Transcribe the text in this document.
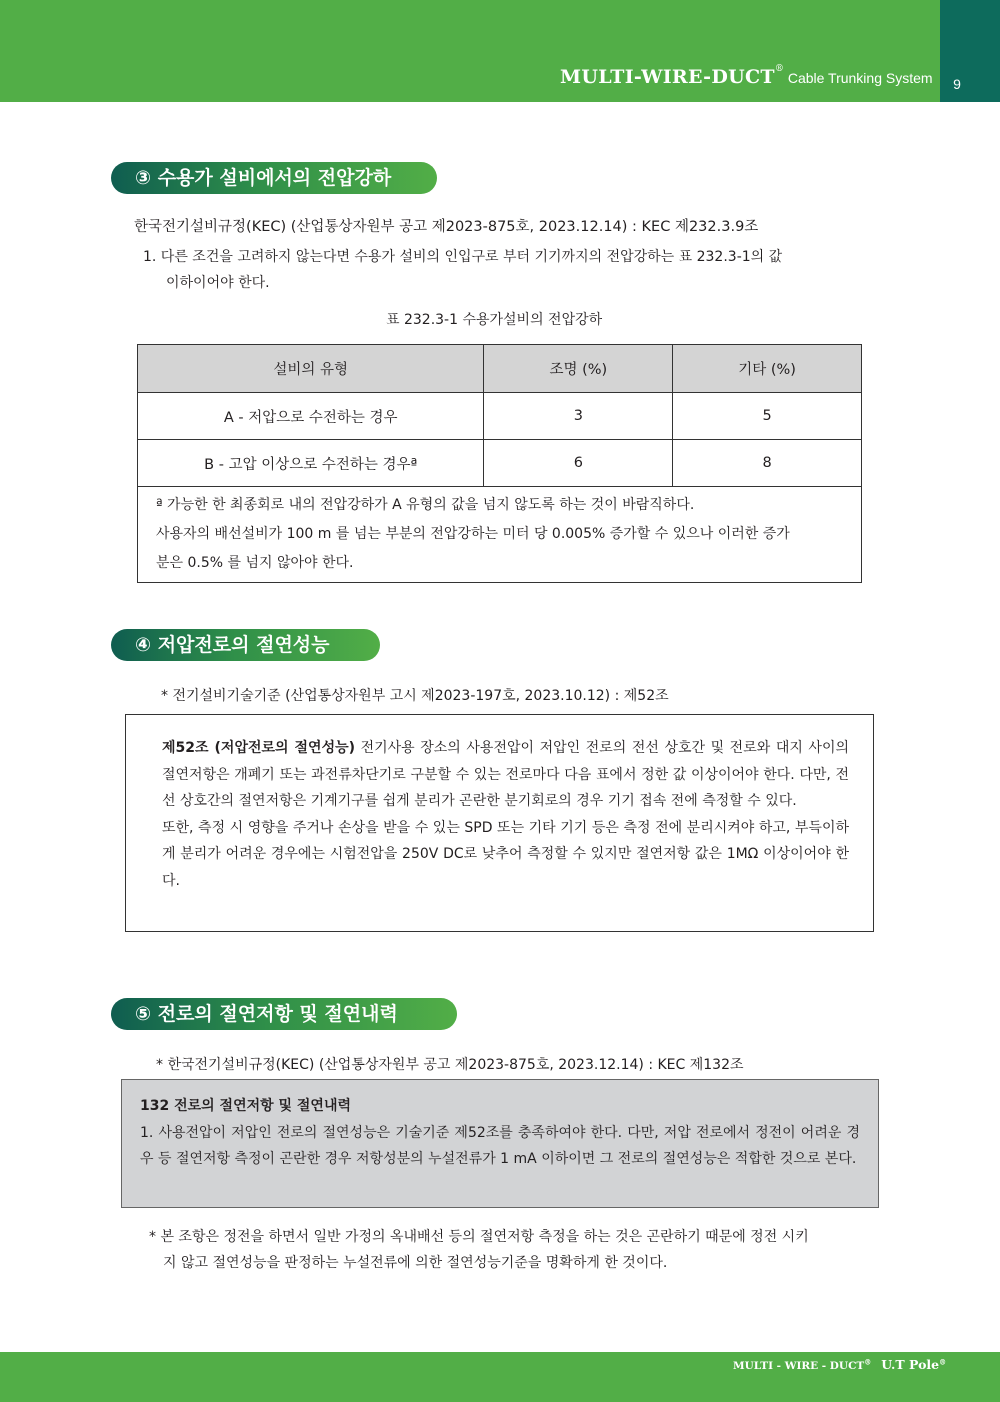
MULTI-WIRE-DUCT®Cable Trunking System	9
③ 수용가 설비에서의 전압강하
한국전기설비규정(KEC) (산업통상자원부 공고 제2023-875호, 2023.12.14) : KEC 제232.3.9조
1. 다른 조건을 고려하지 않는다면 수용가 설비의 인입구로 부터 기기까지의 전압강하는 표 232.3-1의 값
이하이어야 한다.
표 232.3-1 수용가설비의 전압강하
설비의 유형	조명 (%)	기타 (%)
A - 저압으로 수전하는 경우	3	5
B - 고압 이상으로 수전하는 경우ª	6	8

ª 가능한 한 최종회로 내의 전압강하가 A 유형의 값을 넘지 않도록 하는 것이 바람직하다.

사용자의 배선설비가 100 m 를 넘는 부분의 전압강하는 미터 당 0.005% 증가할 수 있으나 이러한 증가

분은 0.5% 를 넘지 않아야 한다.

④ 저압전로의 절연성능
* 전기설비기술기준 (산업통상자원부 고시 제2023-197호, 2023.10.12) : 제52조

제52조 (저압전로의 절연성능) 전기사용 장소의 사용전압이 저압인 전로의 전선 상호간 및 전로와 대지 사이의 절연저항은 개폐기 또는 과전류차단기로 구분할 수 있는 전로마다 다음 표에서 정한 값 이상이어야 한다. 다만, 전선 상호간의 절연저항은 기계기구를 쉽게 분리가 곤란한 분기회로의 경우 기기 접속 전에 측정할 수 있다.

또한, 측정 시 영향을 주거나 손상을 받을 수 있는 SPD 또는 기타 기기 등은 측정 전에 분리시켜야 하고, 부득이하게 분리가 어려운 경우에는 시험전압을 250V DC로 낮추어 측정할 수 있지만 절연저항 값은 1MΩ 이상이어야 한다.

⑤ 전로의 절연저항 및 절연내력
* 한국전기설비규정(KEC) (산업통상자원부 공고 제2023-875호, 2023.12.14) : KEC 제132조

132 전로의 절연저항 및 절연내력

1. 사용전압이 저압인 전로의 절연성능은 기술기준 제52조를 충족하여야 한다. 다만, 저압 전로에서 정전이 어려운 경우 등 절연저항 측정이 곤란한 경우 저항성분의 누설전류가 1 mA 이하이면 그 전로의 절연성능은 적합한 것으로 본다.

* 본 조항은 정전을 하면서 일반 가정의 옥내배선 등의 절연저항 측정을 하는 것은 곤란하기 때문에 정전 시키
지 않고 절연성능을 판정하는 누설전류에 의한 절연성능기준을 명확하게 한 것이다.
MULTI - WIRE - DUCT® U.T Pole®
